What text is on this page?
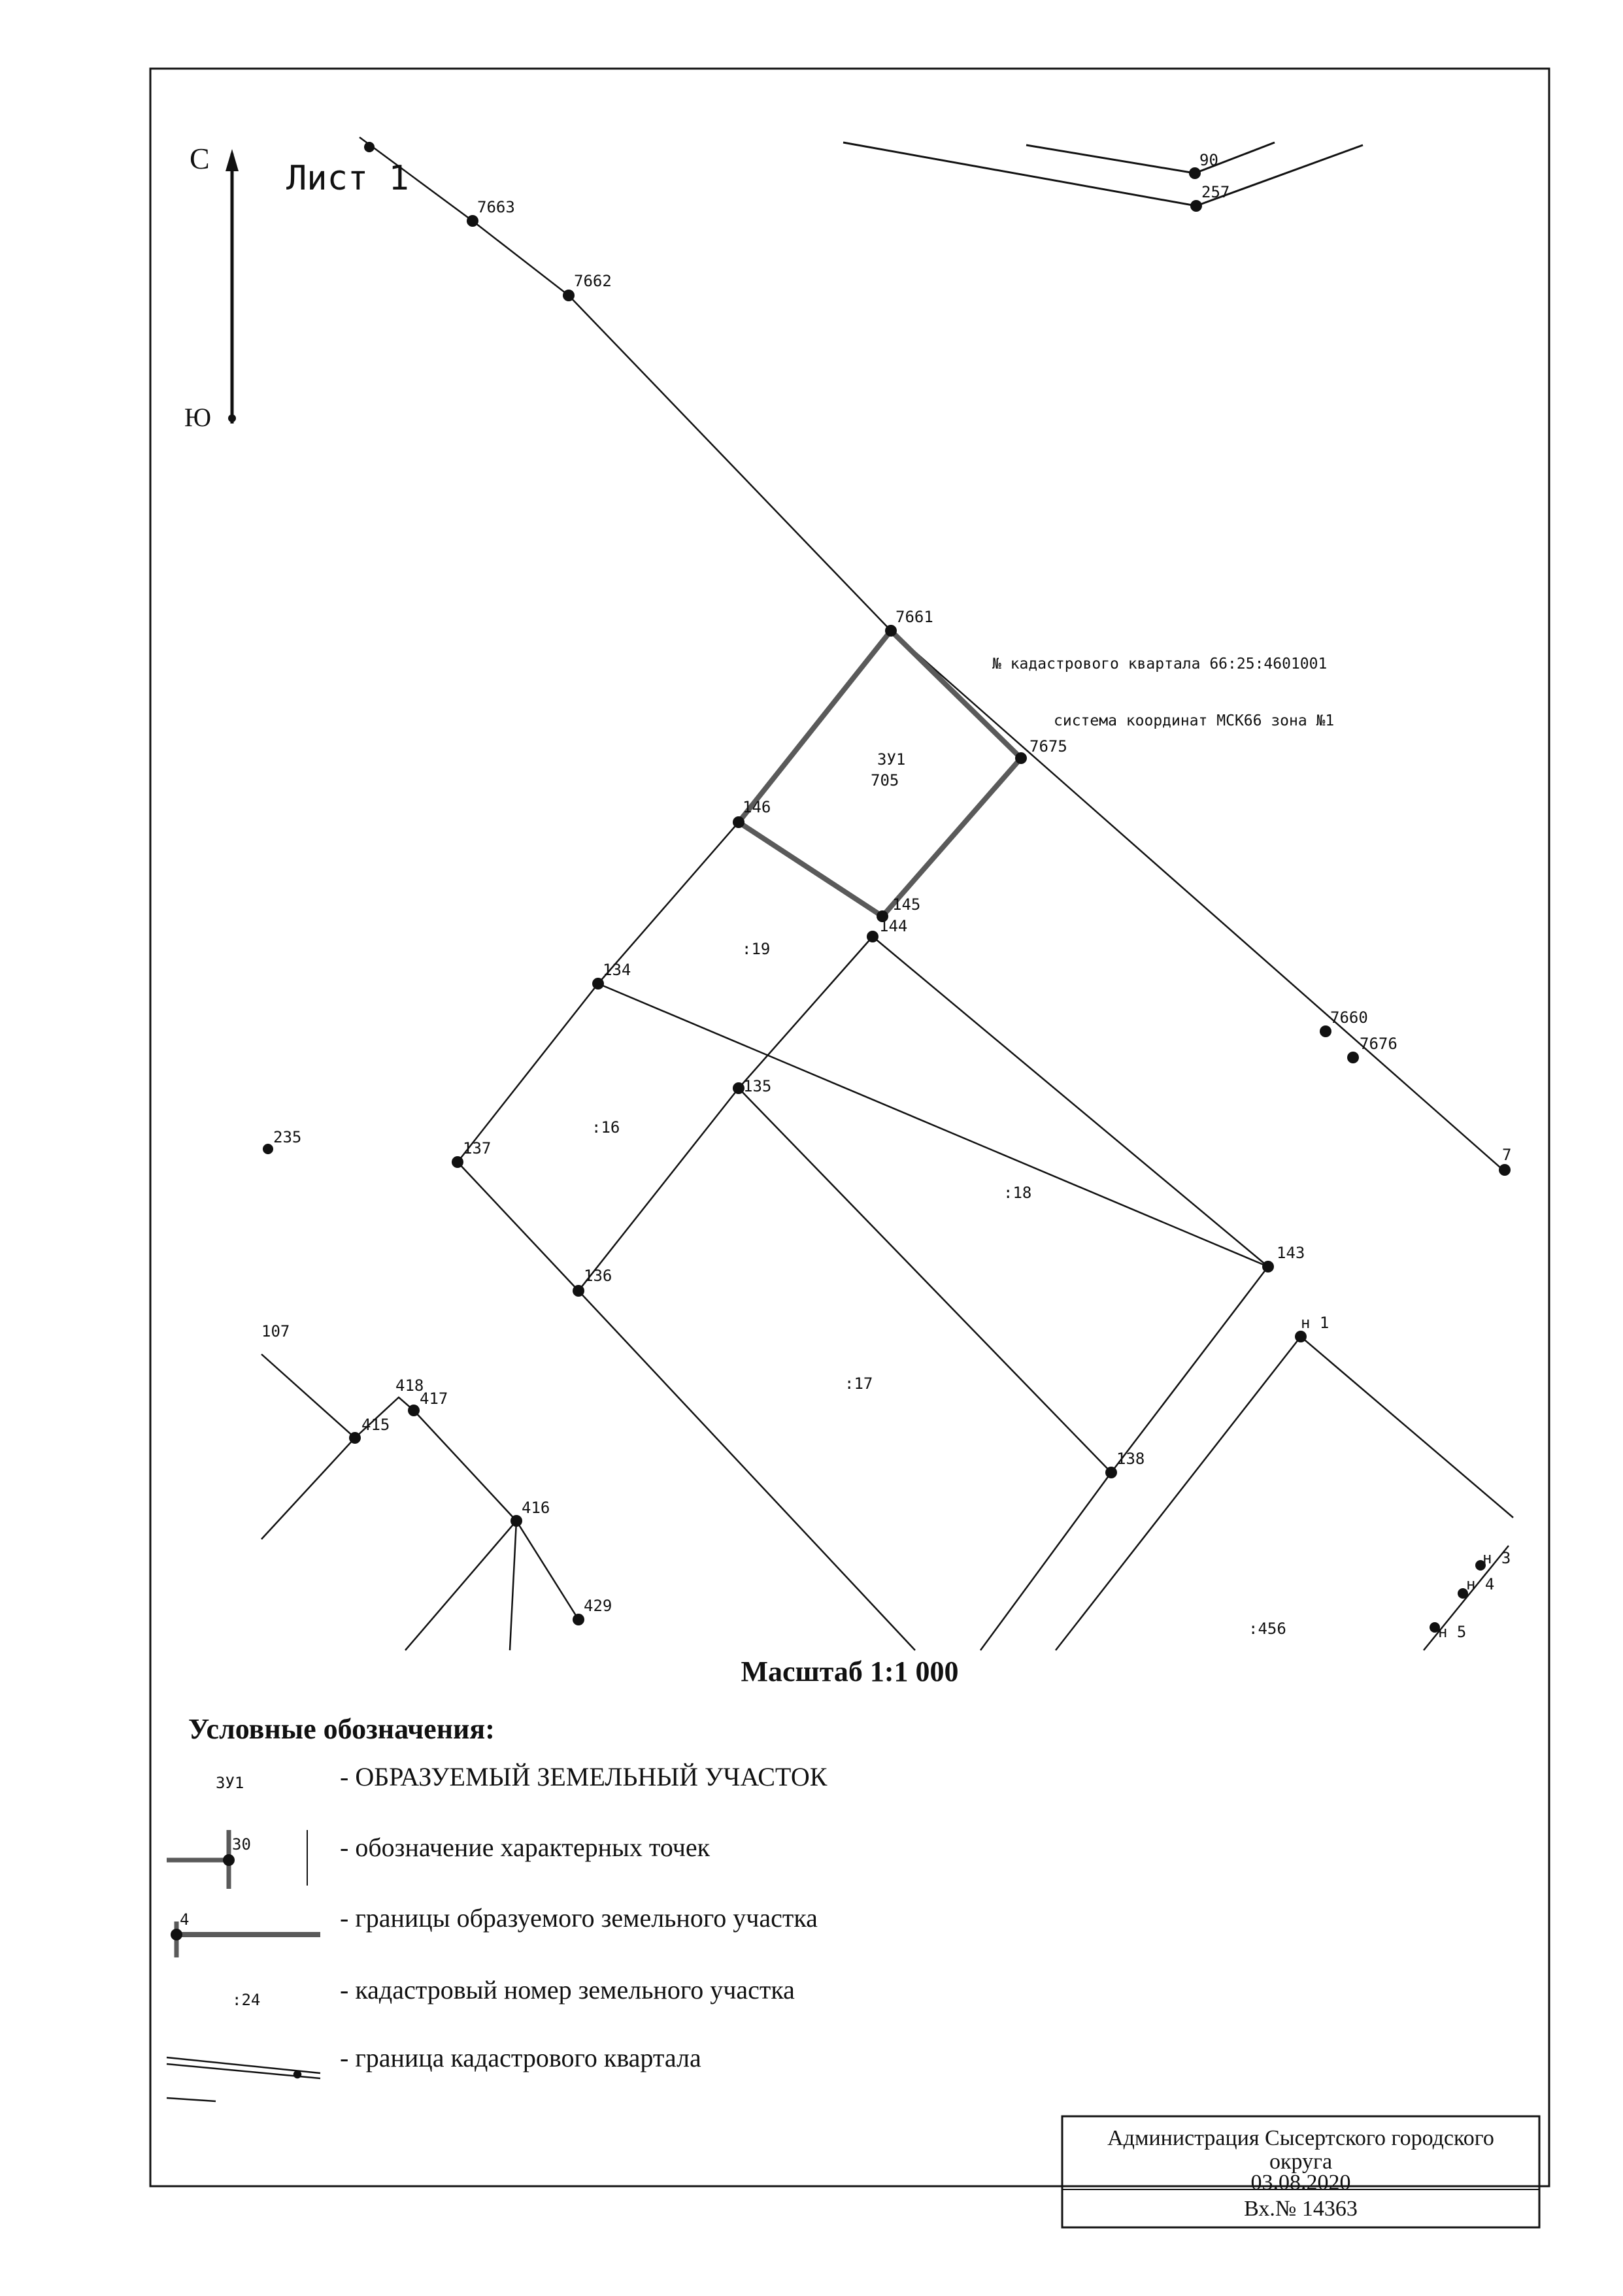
С
Ю
Лист 1
№ кадастрового квартала 66:25:4601001
система координат МСК66 зона №1
7663
7662
7661
7675
146
145
144
134
135
137
136
143
138
7660
7676
7
90
257
235
107
418
417
415
416
429
н 1
н 3
н 4
н 5
ЗУ1
705
:19
:16
:18
:17
:456
Масштаб 1:1 000
Условные обозначения:
ЗУ1	- ОБРАЗУЕМЫЙ ЗЕМЕЛЬНЫЙ УЧАСТОК
30	- обозначение характерных точек
4	- границы образуемого земельного участка
:24	- кадастровый номер земельного участка
- граница кадастрового квартала
Администрация Сысертского городского
округа
03.08.2020
Вх.№ 14363
